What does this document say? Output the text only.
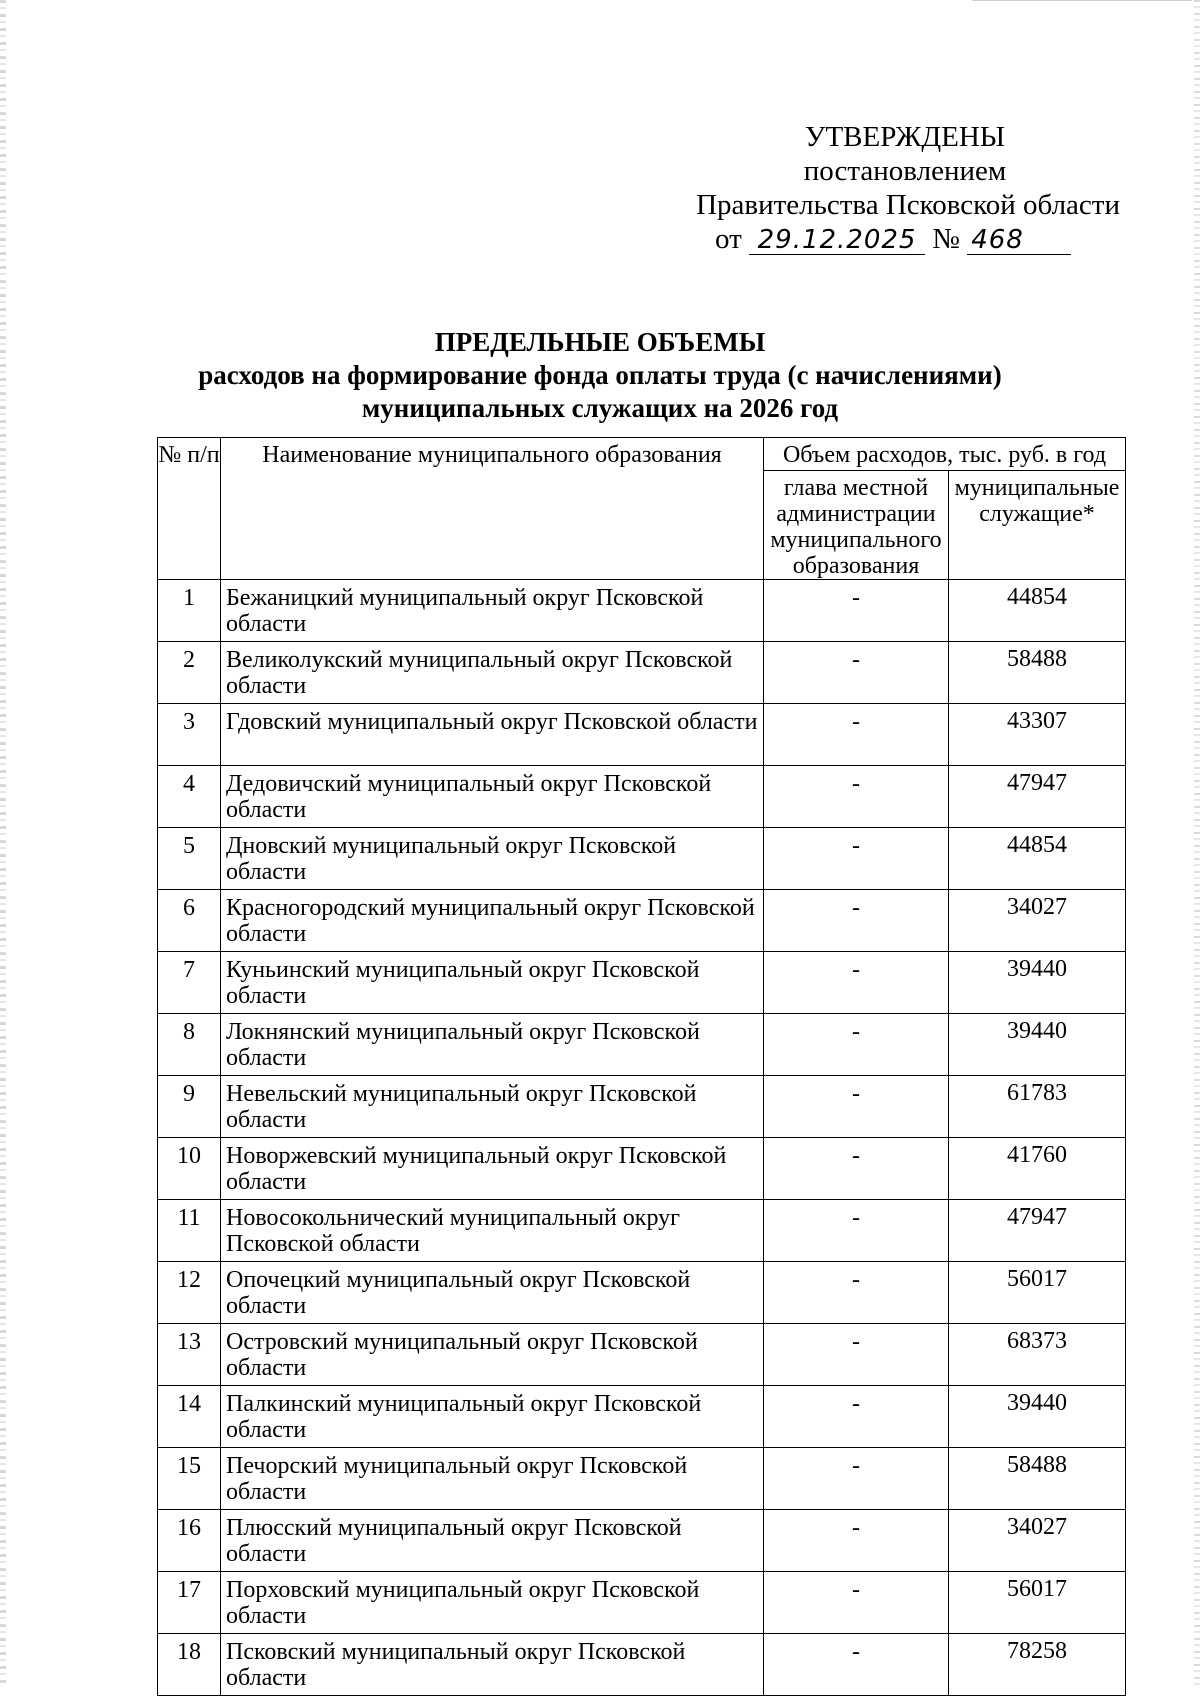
УТВЕРЖДЕНЫ
постановлением
Правительства Псковской области
от 29.12.2025 № 468
ПРЕДЕЛЬНЫЕ ОБЪЕМЫ
расходов на формирование фонда оплаты труда (с начислениями)
муниципальных служащих на 2026 год
№ п/п	Наименование муниципального образования	Объем расходов, тыс. руб. в год	
		глава местной администрации муниципального образования	муниципальные служащие*
1	Бежаницкий муниципальный округ Псковской области	-	44854
2	Великолукский муниципальный округ Псковской области	-	58488
3	Гдовский муниципальный округ Псковской области	-	43307
4	Дедовичский муниципальный округ Псковской области	-	47947
5	Дновский муниципальный округ Псковской области	-	44854
6	Красногородский муниципальный округ Псковской области	-	34027
7	Куньинский муниципальный округ Псковской области	-	39440
8	Локнянский муниципальный округ Псковской области	-	39440
9	Невельский муниципальный округ Псковской области	-	61783
10	Новоржевский муниципальный округ Псковской области	-	41760
11	Новосокольнический муниципальный округ Псковской области	-	47947
12	Опочецкий муниципальный округ Псковской области	-	56017
13	Островский муниципальный округ Псковской области	-	68373
14	Палкинский муниципальный округ Псковской области	-	39440
15	Печорский муниципальный округ Псковской области	-	58488
16	Плюсский муниципальный округ Псковской области	-	34027
17	Порховский муниципальный округ Псковской области	-	56017
18	Псковский муниципальный округ Псковской области	-	78258
